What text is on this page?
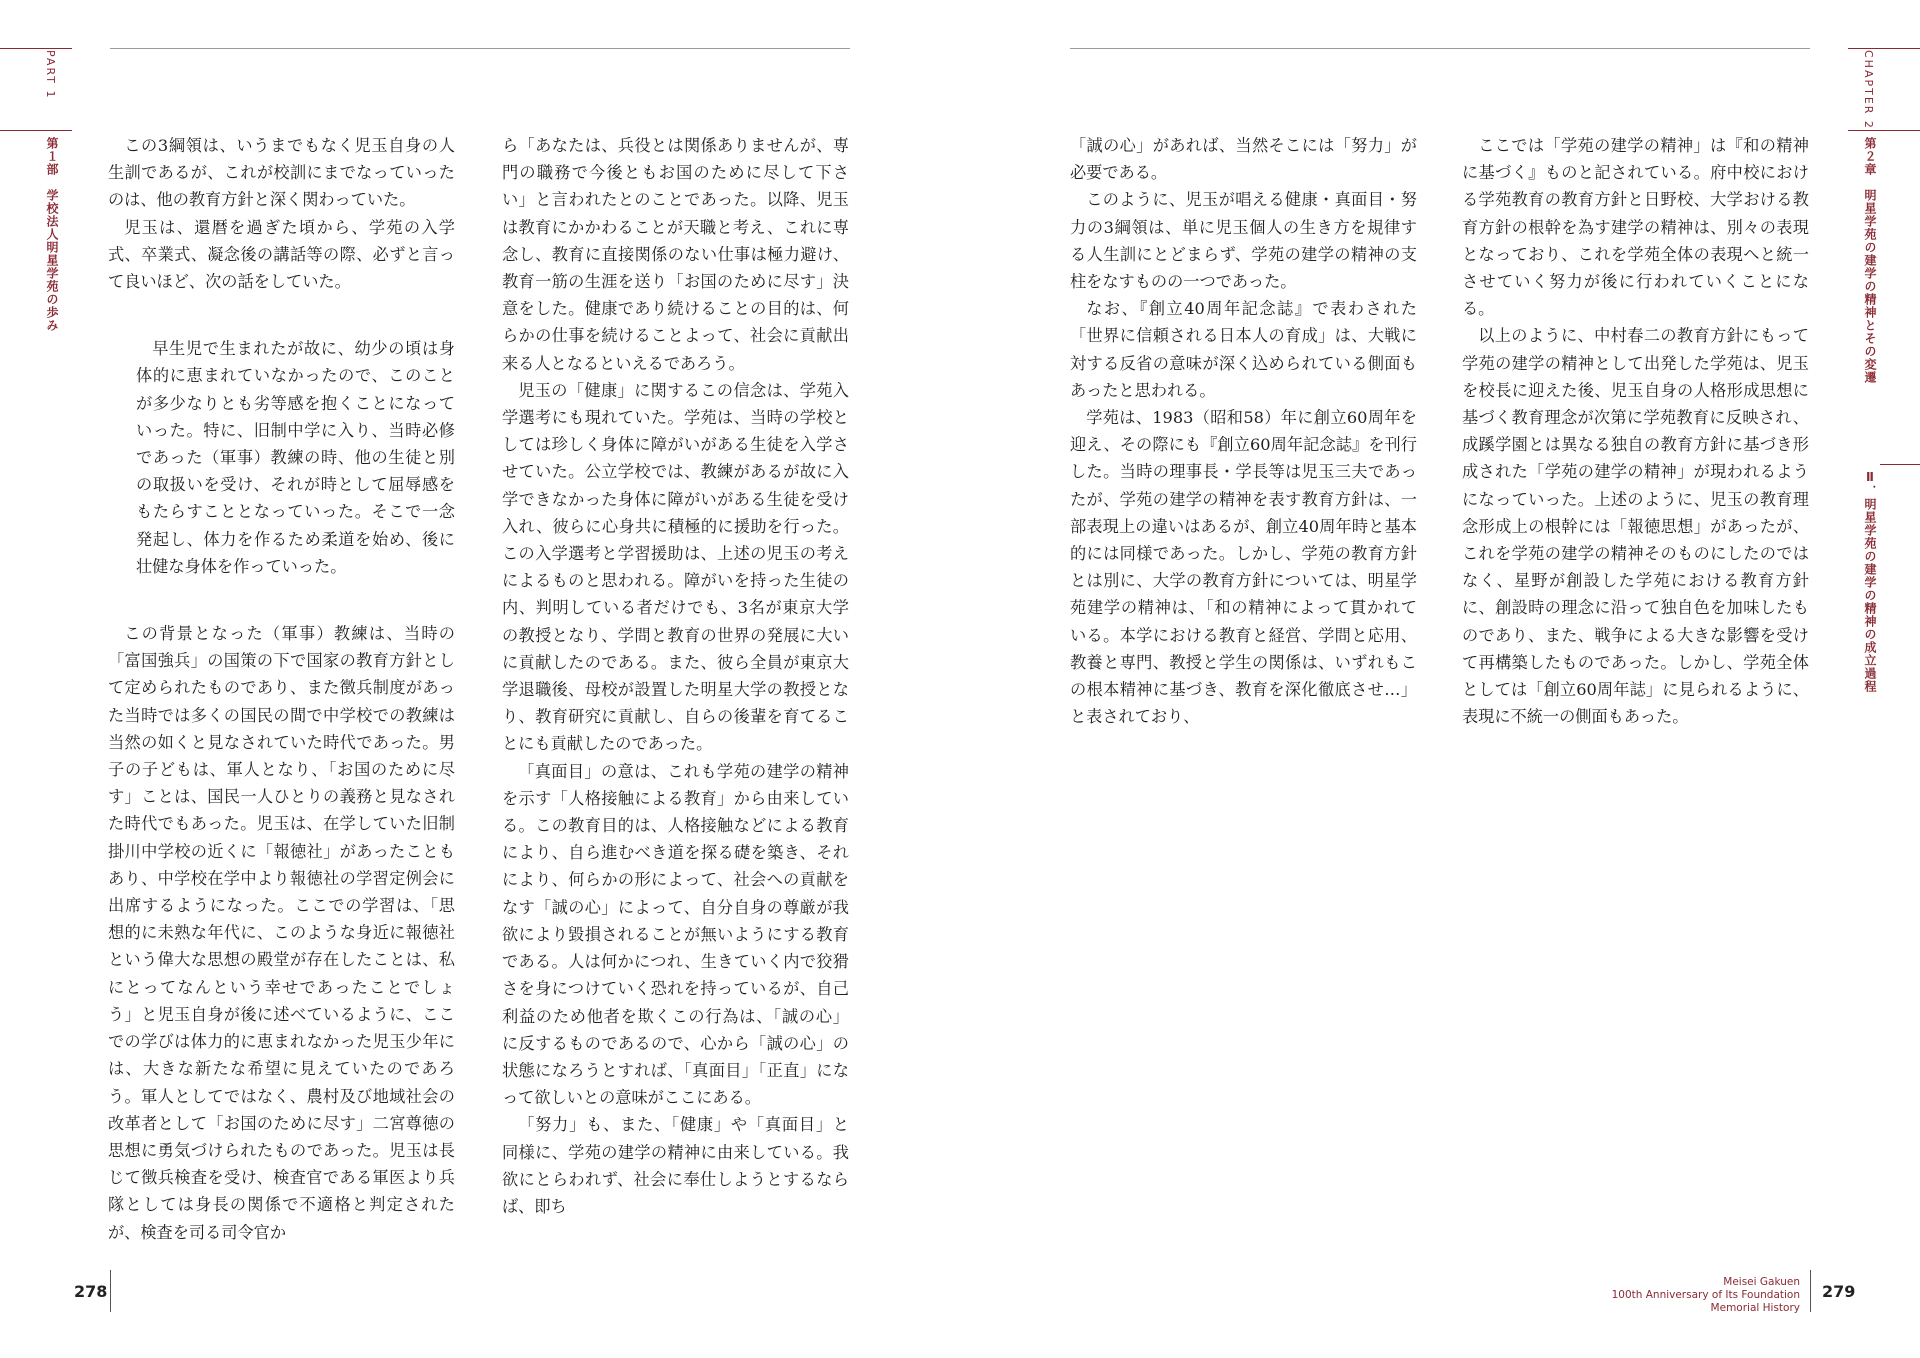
PART 1
第１部　学校法人明星学苑の歩み
CHAPTER 2
第２章　明星学苑の建学の精神とその変遷
Ⅱ．明星学苑の建学の精神の成立過程

この3綱領は、いうまでもなく児玉自身の人生訓であるが、これが校訓にまでなっていったのは、他の教育方針と深く関わっていた。

児玉は、還暦を過ぎた頃から、学苑の入学式、卒業式、凝念後の講話等の際、必ずと言って良いほど、次の話をしていた。

早生児で生まれたが故に、幼少の頃は身体的に恵まれていなかったので、このことが多少なりとも劣等感を抱くことになっていった。特に、旧制中学に入り、当時必修であった（軍事）教練の時、他の生徒と別の取扱いを受け、それが時として屈辱感をもたらすこととなっていった。そこで一念発起し、体力を作るため柔道を始め、後に壮健な身体を作っていった。

この背景となった（軍事）教練は、当時の「富国強兵」の国策の下で国家の教育方針として定められたものであり、また徴兵制度があった当時では多くの国民の間で中学校での教練は当然の如くと見なされていた時代であった。男子の子どもは、軍人となり、「お国のために尽す」ことは、国民一人ひとりの義務と見なされた時代でもあった。児玉は、在学していた旧制掛川中学校の近くに「報徳社」があったこともあり、中学校在学中より報徳社の学習定例会に出席するようになった。ここでの学習は、「思想的に未熟な年代に、このような身近に報徳社という偉大な思想の殿堂が存在したことは、私にとってなんという幸せであったことでしょう」と児玉自身が後に述べているように、ここでの学びは体力的に恵まれなかった児玉少年には、大きな新たな希望に見えていたのであろう。軍人としてではなく、農村及び地域社会の改革者として「お国のために尽す」二宮尊徳の思想に勇気づけられたものであった。児玉は長じて徴兵検査を受け、検査官である軍医より兵隊としては身長の関係で不適格と判定されたが、検査を司る司令官か

ら「あなたは、兵役とは関係ありませんが、専門の職務で今後ともお国のために尽して下さい」と言われたとのことであった。以降、児玉は教育にかかわることが天職と考え、これに専念し、教育に直接関係のない仕事は極力避け、教育一筋の生涯を送り「お国のために尽す」決意をした。健康であり続けることの目的は、何らかの仕事を続けることよって、社会に貢献出来る人となるといえるであろう。

児玉の「健康」に関するこの信念は、学苑入学選考にも現れていた。学苑は、当時の学校としては珍しく身体に障がいがある生徒を入学させていた。公立学校では、教練があるが故に入学できなかった身体に障がいがある生徒を受け入れ、彼らに心身共に積極的に援助を行った。この入学選考と学習援助は、上述の児玉の考えによるものと思われる。障がいを持った生徒の内、判明している者だけでも、3名が東京大学の教授となり、学問と教育の世界の発展に大いに貢献したのである。また、彼ら全員が東京大学退職後、母校が設置した明星大学の教授となり、教育研究に貢献し、自らの後輩を育てることにも貢献したのであった。

「真面目」の意は、これも学苑の建学の精神を示す「人格接触による教育」から由来している。この教育目的は、人格接触などによる教育により、自ら進むべき道を探る礎を築き、それにより、何らかの形によって、社会への貢献をなす「誠の心」によって、自分自身の尊厳が我欲により毀損されることが無いようにする教育である。人は何かにつれ、生きていく内で狡猾さを身につけていく恐れを持っているが、自己利益のため他者を欺くこの行為は、「誠の心」に反するものであるので、心から「誠の心」の状態になろうとすれば、「真面目」「正直」になって欲しいとの意味がここにある。

「努力」も、また、「健康」や「真面目」と同様に、学苑の建学の精神に由来している。我欲にとらわれず、社会に奉仕しようとするならば、即ち

「誠の心」があれば、当然そこには「努力」が必要である。

このように、児玉が唱える健康・真面目・努力の3綱領は、単に児玉個人の生き方を規律する人生訓にとどまらず、学苑の建学の精神の支柱をなすものの一つであった。

なお、『創立40周年記念誌』で表わされた「世界に信頼される日本人の育成」は、大戦に対する反省の意味が深く込められている側面もあったと思われる。

学苑は、1983（昭和58）年に創立60周年を迎え、その際にも『創立60周年記念誌』を刊行した。当時の理事長・学長等は児玉三夫であったが、学苑の建学の精神を表す教育方針は、一部表現上の違いはあるが、創立40周年時と基本的には同様であった。しかし、学苑の教育方針とは別に、大学の教育方針については、明星学苑建学の精神は、「和の精神によって貫かれている。本学における教育と経営、学問と応用、教養と専門、教授と学生の関係は、いずれもこの根本精神に基づき、教育を深化徹底させ…」と表されており、

ここでは「学苑の建学の精神」は『和の精神に基づく』ものと記されている。府中校における学苑教育の教育方針と日野校、大学おける教育方針の根幹を為す建学の精神は、別々の表現となっており、これを学苑全体の表現へと統一させていく努力が後に行われていくことになる。

以上のように、中村春二の教育方針にもって学苑の建学の精神として出発した学苑は、児玉を校長に迎えた後、児玉自身の人格形成思想に基づく教育理念が次第に学苑教育に反映され、成蹊学園とは異なる独自の教育方針に基づき形成された「学苑の建学の精神」が現われるようになっていった。上述のように、児玉の教育理念形成上の根幹には「報徳思想」があったが、これを学苑の建学の精神そのものにしたのではなく、星野が創設した学苑における教育方針に、創設時の理念に沿って独自色を加味したものであり、また、戦争による大きな影響を受けて再構築したものであった。しかし、学苑全体としては「創立60周年誌」に見られるように、表現に不統一の側面もあった。

278	Meisei Gakuen
100th Anniversary of Its Foundation
Memorial History
279
